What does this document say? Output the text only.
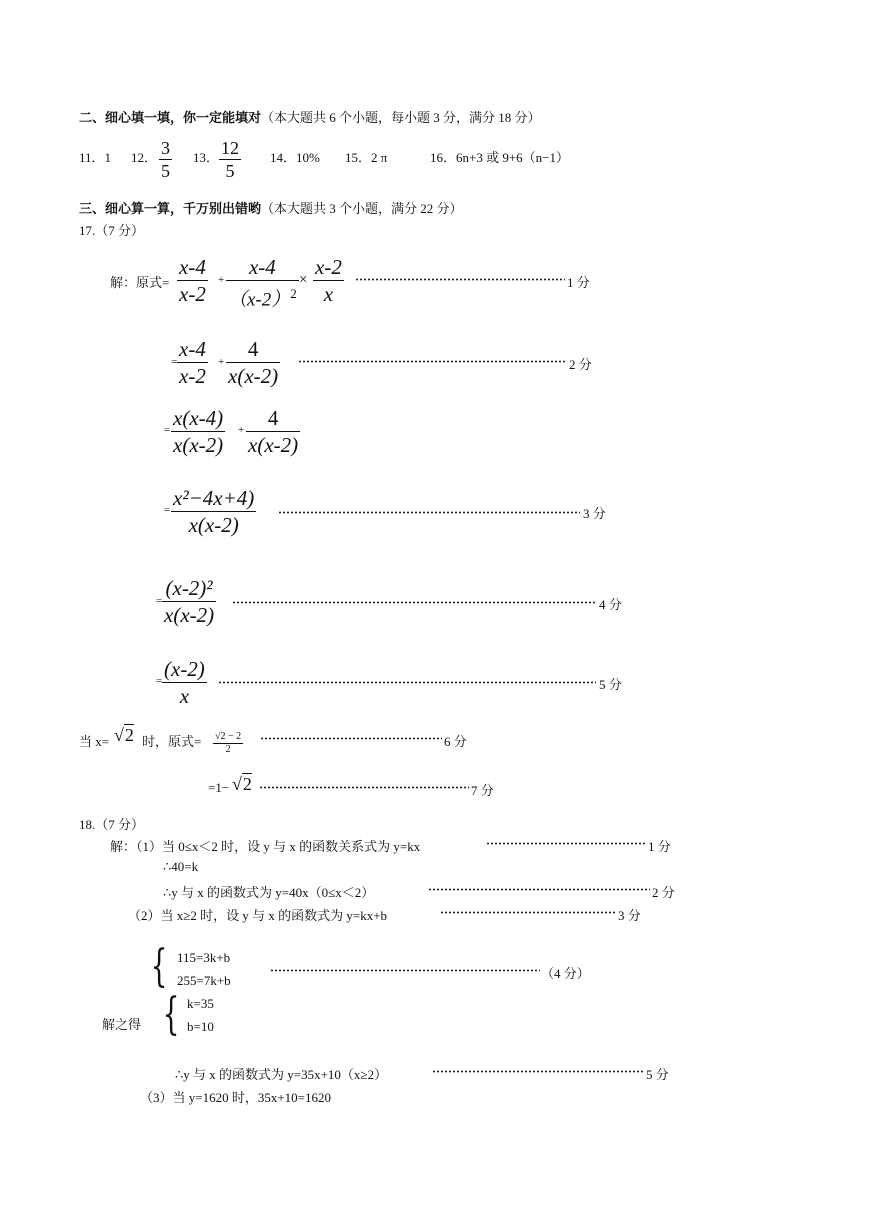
二、细心填一填，你一定能填对（本大题共 6 个小题，每小题 3 分，满分 18 分）
11．1 12． 3
5
13． 12
5
14．10% 15．2 π	16．6n+3 或 9+6（n−1）
三、细心算一算，千万别出错哟（本大题共 3 个小题，满分 22 分）
17.（7 分）
解：原式=
x-4
x-2
+
x-4
$(x-2)^2$
×
x-2
x	1 分
=
x-4
x-2
+
4
x(x-2)	2 分
= x(x-4)
x(x-2)
+ 4
x(x-2)
= x²−4x+4)
x(x-2)	3 分
=
(x-2)²
x(x-2)	4 分
= (x-2)
x	5 分
当 x= √2 时，原式= √2 − 2
2
6 分
=1− √2	7 分
18.（7 分）
解：（1）当 0≤x＜2 时，设 y 与 x 的函数关系式为 y=kx	1 分
∴40=k
∴y 与 x 的函数式为 y=40x（0≤x＜2）	2 分
（2）当 x≥2 时，设 y 与 x 的函数式为 y=kx+b	3 分
{ 115=3k+b
255=7k+b	（4 分）
解之得 { k=35
b=10
∴y 与 x 的函数式为 y=35x+10（x≥2）	5 分
（3）当 y=1620 时，35x+10=1620
